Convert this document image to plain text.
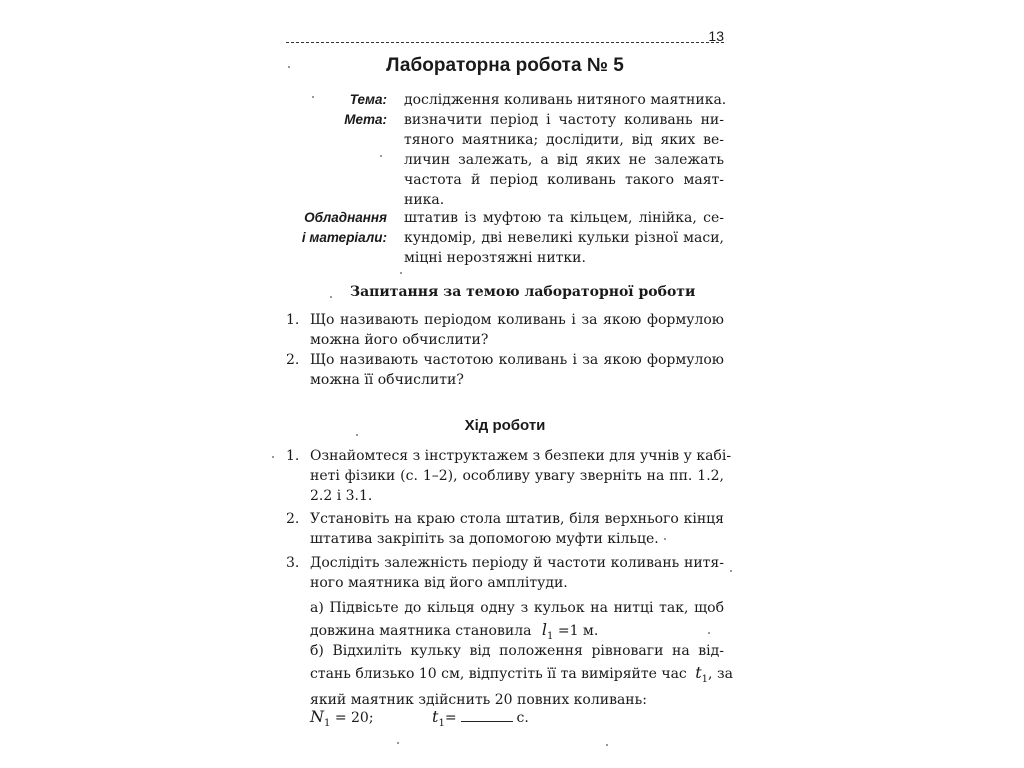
13
Лабораторна робота № 5
Тема: дослідження коливань нитяного маятника.
Мета: визначити період і частоту коливань ни-
тяного маятника; дослідити, від яких ве-
личин залежать, а від яких не залежать
частота й період коливань такого маят-
ника.
Обладнання
і матеріали:
штатив із муфтою та кільцем, лінійка, се-
кундомір, дві невеликі кульки різної маси,
міцні нерозтяжні нитки.
Запитання за темою лабораторної роботи
1. Що називають періодом коливань і за якою формулою
можна його обчислити?
2. Що називають частотою коливань і за якою формулою
можна її обчислити?
Хід роботи
1. Ознайомтеся з інструктажем з безпеки для учнів у кабі-
неті фізики (с. 1–2), особливу увагу зверніть на пп. 1.2,
2.2 і 3.1.
2. Установіть на краю стола штатив, біля верхнього кінця
штатива закріпіть за допомогою муфти кільце.
3. Дослідіть залежність періоду й частоти коливань нитя-
ного маятника від його амплітуди.
а) Підвісьте до кільця одну з кульок на нитці так, щоб
довжина маятника становила $l_1 =1$ м.
б) Відхиліть кульку від положення рівноваги на від-
стань близько 10 см, відпустіть її та виміряйте час $t_1$, за
який маятник здійснить 20 повних коливань:
$N_1 = 20$;	$t_1=$	с.
